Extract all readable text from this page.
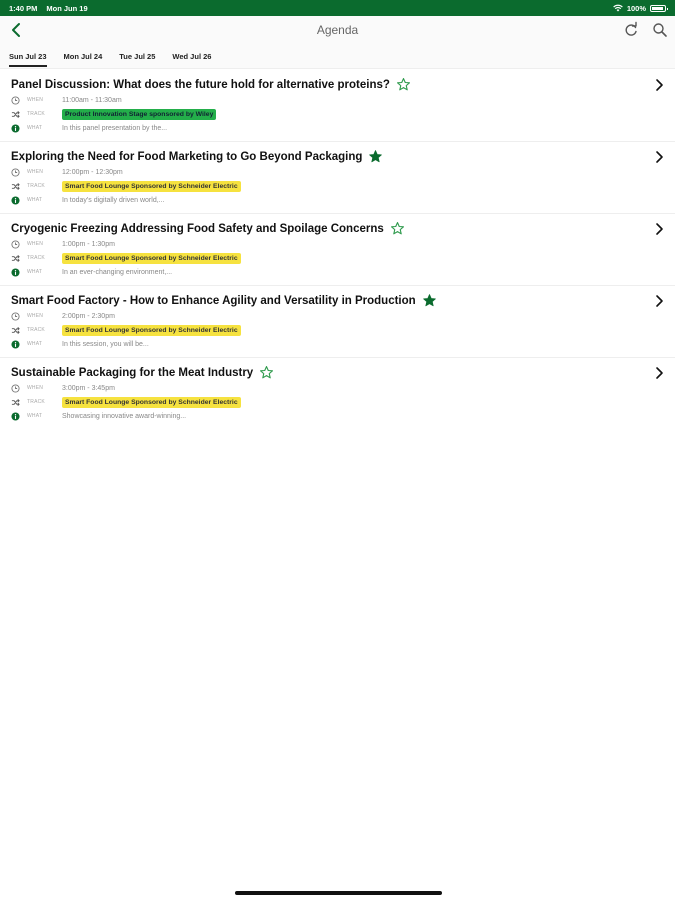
1:40 PM Mon Jun 19	100%
Agenda
Sun Jul 23 Mon Jul 24 Tue Jul 25 Wed Jul 26
Panel Discussion: What does the future hold for alternative proteins?
WHEN	11:00am - 11:30am
TRACK	Product Innovation Stage sponsored by Wiley
WHAT	In this panel presentation by the...
Exploring the Need for Food Marketing to Go Beyond Packaging
WHEN	12:00pm - 12:30pm
TRACK	Smart Food Lounge Sponsored by Schneider Electric
WHAT	In today's digitally driven world,...
Cryogenic Freezing Addressing Food Safety and Spoilage Concerns
WHEN	1:00pm - 1:30pm
TRACK	Smart Food Lounge Sponsored by Schneider Electric
WHAT	In an ever-changing environment,...
Smart Food Factory - How to Enhance Agility and Versatility in Production
WHEN	2:00pm - 2:30pm
TRACK	Smart Food Lounge Sponsored by Schneider Electric
WHAT	In this session, you will be...
Sustainable Packaging for the Meat Industry
WHEN	3:00pm - 3:45pm
TRACK	Smart Food Lounge Sponsored by Schneider Electric
WHAT	Showcasing innovative award-winning...
